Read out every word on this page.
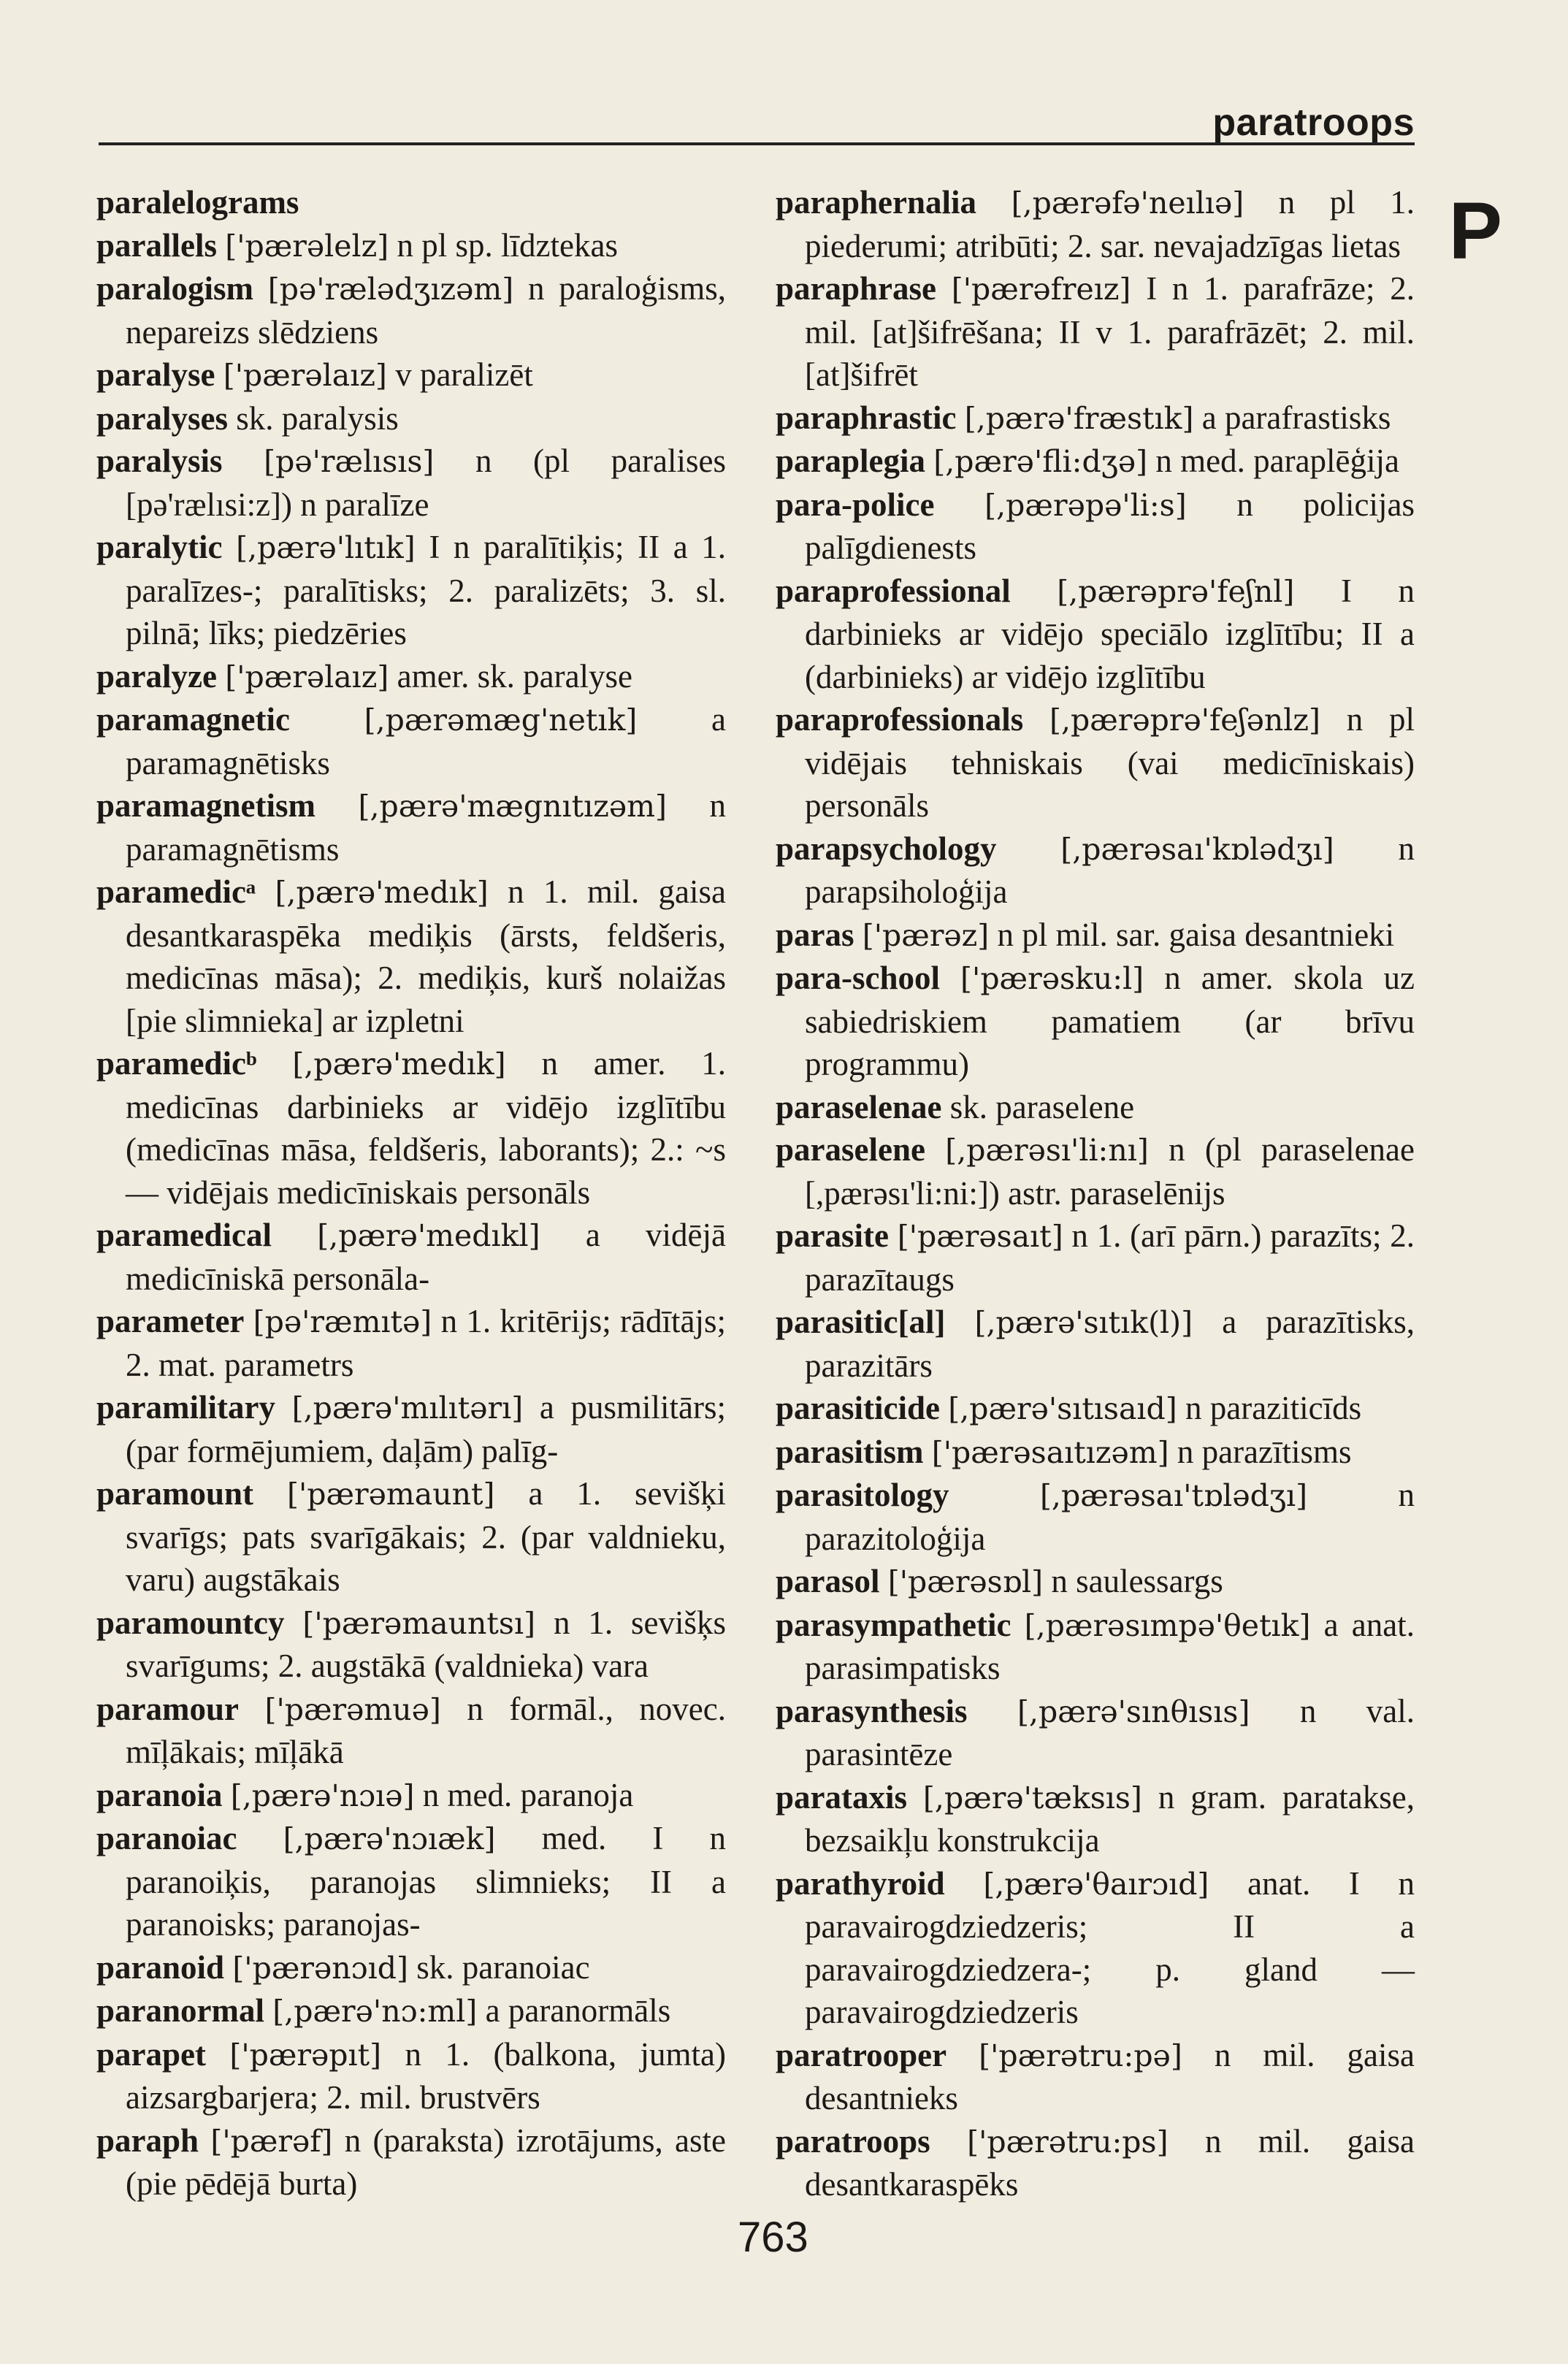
paratroops
P

paralelograms

parallels ['pærəlelz] n pl sp. līdztekas

paralogism [pə'rælədʒızəm] n paraloģisms, nepareizs slēdziens

paralyse ['pærəlaız] v paralizēt

paralyses sk. paralysis

paralysis [pə'rælısıs] n (pl paralises [pə'rælısi:z]) n paralīze

paralytic [,pærə'lıtık] I n paralītiķis; II a 1. paralīzes-; paralītisks; 2. paralizēts; 3. sl. pilnā; līks; piedzēries

paralyze ['pærəlaız] amer. sk. paralyse

paramagnetic [,pærəmæg'netık] a paramagnētisks

paramagnetism [,pærə'mægnıtızəm] n paramagnētisms

paramedicᵃ [,pærə'medık] n 1. mil. gaisa desantkaraspēka mediķis (ārsts, feldšeris, medicīnas māsa); 2. mediķis, kurš nolaižas [pie slimnieka] ar izpletni

paramedicᵇ [,pærə'medık] n amer. 1. medicīnas darbinieks ar vidējo izglītību (medicīnas māsa, feldšeris, laborants); 2.: ~s — vidējais medicīniskais personāls

paramedical [,pærə'medıkl] a vidējā medicīniskā personāla-

parameter [pə'ræmıtə] n 1. kritērijs; rādītājs; 2. mat. parametrs

paramilitary [,pærə'mılıtərı] a pusmilitārs; (par formējumiem, daļām) palīg-

paramount ['pærəmaunt] a 1. sevišķi svarīgs; pats svarīgākais; 2. (par valdnieku, varu) augstākais

paramountcy ['pærəmauntsı] n 1. sevišķs svarīgums; 2. augstākā (valdnieka) vara

paramour ['pærəmuə] n formāl., novec. mīļākais; mīļākā

paranoia [,pærə'nɔıə] n med. paranoja

paranoiac [,pærə'nɔıæk] med. I n paranoiķis, paranojas slimnieks; II a paranoisks; paranojas-

paranoid ['pærənɔıd] sk. paranoiac

paranormal [,pærə'nɔ:ml] a paranormāls

parapet ['pærəpıt] n 1. (balkona, jumta) aizsargbarjera; 2. mil. brustvērs

paraph ['pærəf] n (paraksta) izrotājums, aste (pie pēdējā burta)

paraphernalia [,pærəfə'neılıə] n pl 1. piederumi; atribūti; 2. sar. nevajadzīgas lietas

paraphrase ['pærəfreız] I n 1. parafrāze; 2. mil. [at]šifrēšana; II v 1. parafrāzēt; 2. mil. [at]šifrēt

paraphrastic [,pærə'fræstık] a parafrastisks

paraplegia [,pærə'fli:dʒə] n med. paraplēģija

para-police [,pærəpə'li:s] n policijas palīgdienests

paraprofessional [,pærəprə'feʃnl] I n darbinieks ar vidējo speciālo izglītību; II a (darbinieks) ar vidējo izglītību

paraprofessionals [,pærəprə'feʃənlz] n pl vidējais tehniskais (vai medicīniskais) personāls

parapsychology [,pærəsaı'kɒlədʒı] n parapsiholoģija

paras ['pærəz] n pl mil. sar. gaisa desantnieki

para-school ['pærəsku:l] n amer. skola uz sabiedriskiem pamatiem (ar brīvu programmu)

paraselenae sk. paraselene

paraselene [,pærəsı'li:nı] n (pl paraselenae [,pærəsı'li:ni:]) astr. paraselēnijs

parasite ['pærəsaıt] n 1. (arī pārn.) parazīts; 2. parazītaugs

parasitic[al] [,pærə'sıtık(l)] a parazītisks, parazitārs

parasiticide [,pærə'sıtısaıd] n paraziticīds

parasitism ['pærəsaıtızəm] n parazītisms

parasitology	[,pærəsaı'tɒlədʒı]	n parazitoloģija

parasol ['pærəsɒl] n saulessargs

parasympathetic [,pærəsımpə'θetık] a anat. parasimpatisks

parasynthesis [,pærə'sınθısıs] n val. parasintēze

parataxis [,pærə'tæksıs] n gram. paratakse, bezsaikļu konstrukcija

parathyroid [,pærə'θaırɔıd] anat. I n paravairogdziedzeris; II a paravairogdziedzera-; p. gland — paravairogdziedzeris

paratrooper ['pærətru:pə] n mil. gaisa desantnieks

paratroops ['pærətru:ps] n mil. gaisa desantkaraspēks

763
